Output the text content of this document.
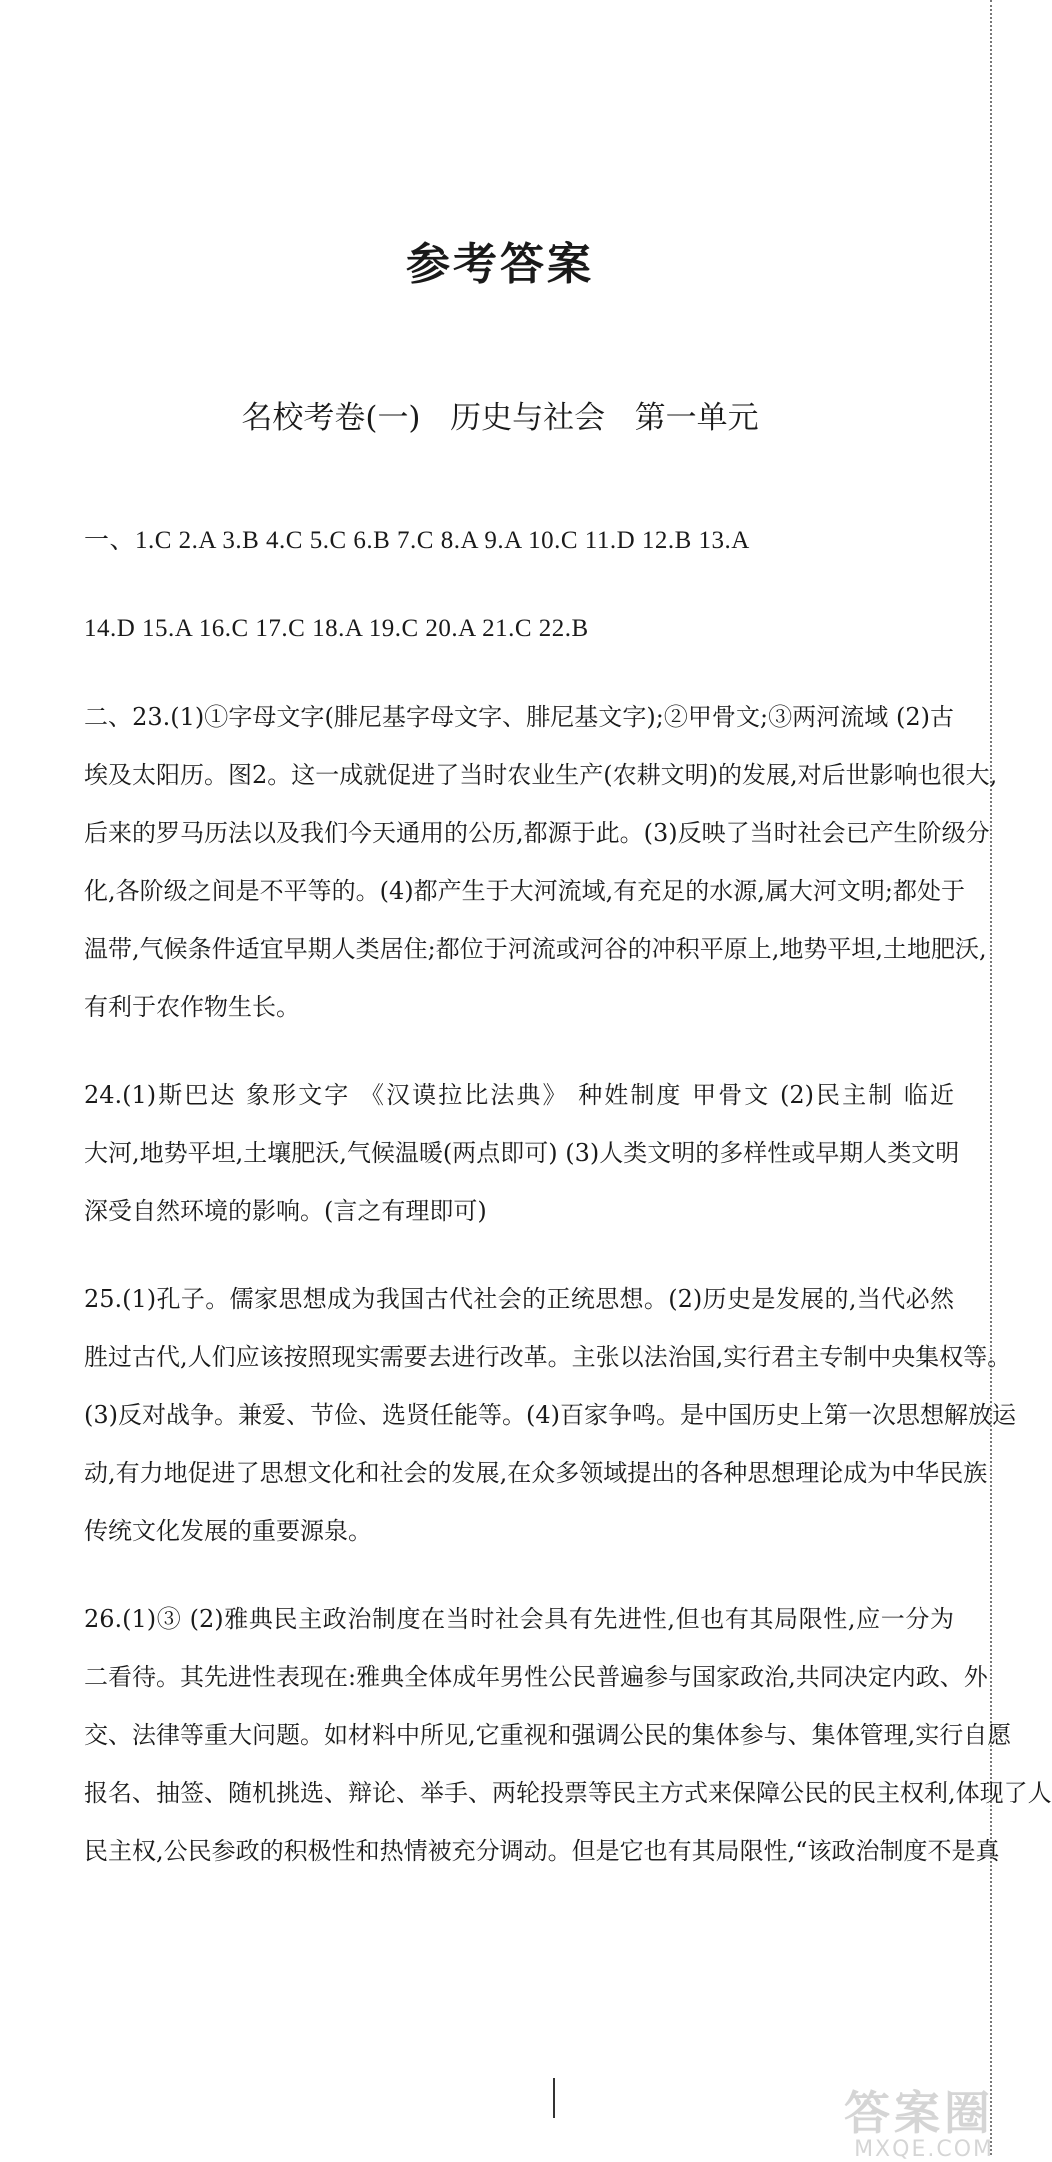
参考答案
名校考卷(一)   历史与社会   第一单元
一、1.C 2.A 3.B 4.C 5.C 6.B 7.C 8.A 9.A 10.C 11.D 12.B 13.A
14.D 15.A 16.C 17.C 18.A 19.C 20.A 21.C 22.B
二、23.(1)①字母文字(腓尼基字母文字、腓尼基文字);②甲骨文;③两河流域 (2)古
埃及太阳历。图2。这一成就促进了当时农业生产(农耕文明)的发展,对后世影响也很大,
后来的罗马历法以及我们今天通用的公历,都源于此。(3)反映了当时社会已产生阶级分
化,各阶级之间是不平等的。(4)都产生于大河流域,有充足的水源,属大河文明;都处于
温带,气候条件适宜早期人类居住;都位于河流或河谷的冲积平原上,地势平坦,土地肥沃,
有利于农作物生长。
24.(1)斯巴达 象形文字 《汉谟拉比法典》 种姓制度 甲骨文 (2)民主制 临近
大河,地势平坦,土壤肥沃,气候温暖(两点即可) (3)人类文明的多样性或早期人类文明
深受自然环境的影响。(言之有理即可)
25.(1)孔子。儒家思想成为我国古代社会的正统思想。(2)历史是发展的,当代必然
胜过古代,人们应该按照现实需要去进行改革。主张以法治国,实行君主专制中央集权等。
(3)反对战争。兼爱、节俭、选贤任能等。(4)百家争鸣。是中国历史上第一次思想解放运
动,有力地促进了思想文化和社会的发展,在众多领域提出的各种思想理论成为中华民族
传统文化发展的重要源泉。
26.(1)③ (2)雅典民主政治制度在当时社会具有先进性,但也有其局限性,应一分为
二看待。其先进性表现在:雅典全体成年男性公民普遍参与国家政治,共同决定内政、外
交、法律等重大问题。如材料中所见,它重视和强调公民的集体参与、集体管理,实行自愿
报名、抽签、随机挑选、辩论、举手、两轮投票等民主方式来保障公民的民主权利,体现了人
民主权,公民参政的积极性和热情被充分调动。但是它也有其局限性,“该政治制度不是真
答案圈
MXQE.COM
